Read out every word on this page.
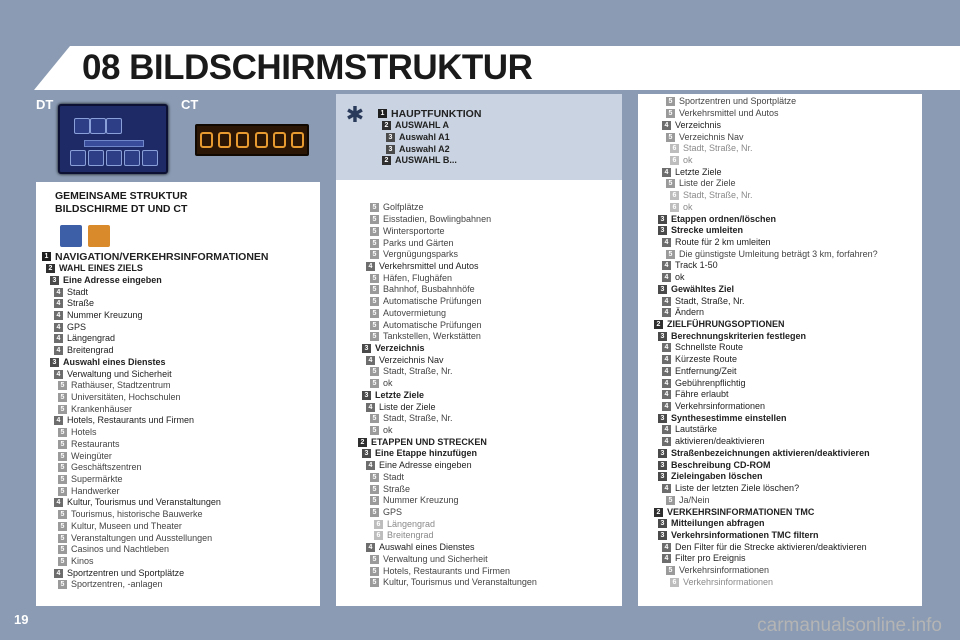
08 BILDSCHIRMSTRUKTUR
DT	CT
GEMEINSAME STRUKTUR
BILDSCHIRME DT UND CT
1 NAVIGATION/VERKEHRSINFORMATIONEN
2 WAHL EINES ZIELS
3 Eine Adresse eingeben
4 Stadt
4 Straße
4 Nummer Kreuzung
4 GPS
4 Längengrad
4 Breitengrad
3 Auswahl eines Dienstes
4 Verwaltung und Sicherheit
5 Rathäuser, Stadtzentrum
5 Universitäten, Hochschulen
5 Krankenhäuser
4 Hotels, Restaurants und Firmen
5 Hotels
5 Restaurants
5 Weingüter
5 Geschäftszentren
5 Supermärkte
5 Handwerker
4 Kultur, Tourismus und Veranstaltungen
5 Tourismus, historische Bauwerke
5 Kultur, Museen und Theater
5 Veranstaltungen und Ausstellungen
5 Casinos und Nachtleben
5 Kinos
4 Sportzentren und Sportplätze
5 Sportzentren, -anlagen
✱	1 HAUPTFUNKTION
2 AUSWAHL A
3 Auswahl A1
3 Auswahl A2
2 AUSWAHL B...
5 Golfplätze
5 Eisstadien, Bowlingbahnen
5 Wintersportorte
5 Parks und Gärten
5 Vergnügungsparks
4 Verkehrsmittel und Autos
5 Häfen, Flughäfen
5 Bahnhof, Busbahnhöfe
5 Automatische Prüfungen
5 Autovermietung
5 Automatische Prüfungen
5 Tankstellen, Werkstätten
3 Verzeichnis
4 Verzeichnis Nav
5 Stadt, Straße, Nr.
5 ok
3 Letzte Ziele
4 Liste der Ziele
5 Stadt, Straße, Nr.
5 ok
2 ETAPPEN UND STRECKEN
3 Eine Etappe hinzufügen
4 Eine Adresse eingeben
5 Stadt
5 Straße
5 Nummer Kreuzung
5 GPS
6 Längengrad
6 Breitengrad
4 Auswahl eines Dienstes
5 Verwaltung und Sicherheit
5 Hotels, Restaurants und Firmen
5 Kultur, Tourismus und Veranstaltungen
5 Sportzentren und Sportplätze
5 Verkehrsmittel und Autos
4 Verzeichnis
5 Verzeichnis Nav
6 Stadt, Straße, Nr.
6 ok
4 Letzte Ziele
5 Liste der Ziele
6 Stadt, Straße, Nr.
6 ok
3 Etappen ordnen/löschen
3 Strecke umleiten
4 Route für 2 km umleiten
5 Die günstigste Umleitung beträgt 3 km, forfahren?
4 Track 1-50
4 ok
3 Gewähltes Ziel
4 Stadt, Straße, Nr.
4 Ändern
2 ZIELFÜHRUNGSOPTIONEN
3 Berechnungskriterien festlegen
4 Schnellste Route
4 Kürzeste Route
4 Entfernung/Zeit
4 Gebührenpflichtig
4 Fähre erlaubt
4 Verkehrsinformationen
3 Synthesestimme einstellen
4 Lautstärke
4 aktivieren/deaktivieren
3 Straßenbezeichnungen aktivieren/deaktivieren
3 Beschreibung CD-ROM
3 Zieleingaben löschen
4 Liste der letzten Ziele löschen?
5 Ja/Nein
2 VERKEHRSINFORMATIONEN TMC
3 Mitteilungen abfragen
3 Verkehrsinformationen TMC filtern
4 Den Filter für die Strecke aktivieren/deaktivieren
4 Filter pro Ereignis
5 Verkehrsinformationen
6 Verkehrsinformationen
19	carmanualsonline.info
